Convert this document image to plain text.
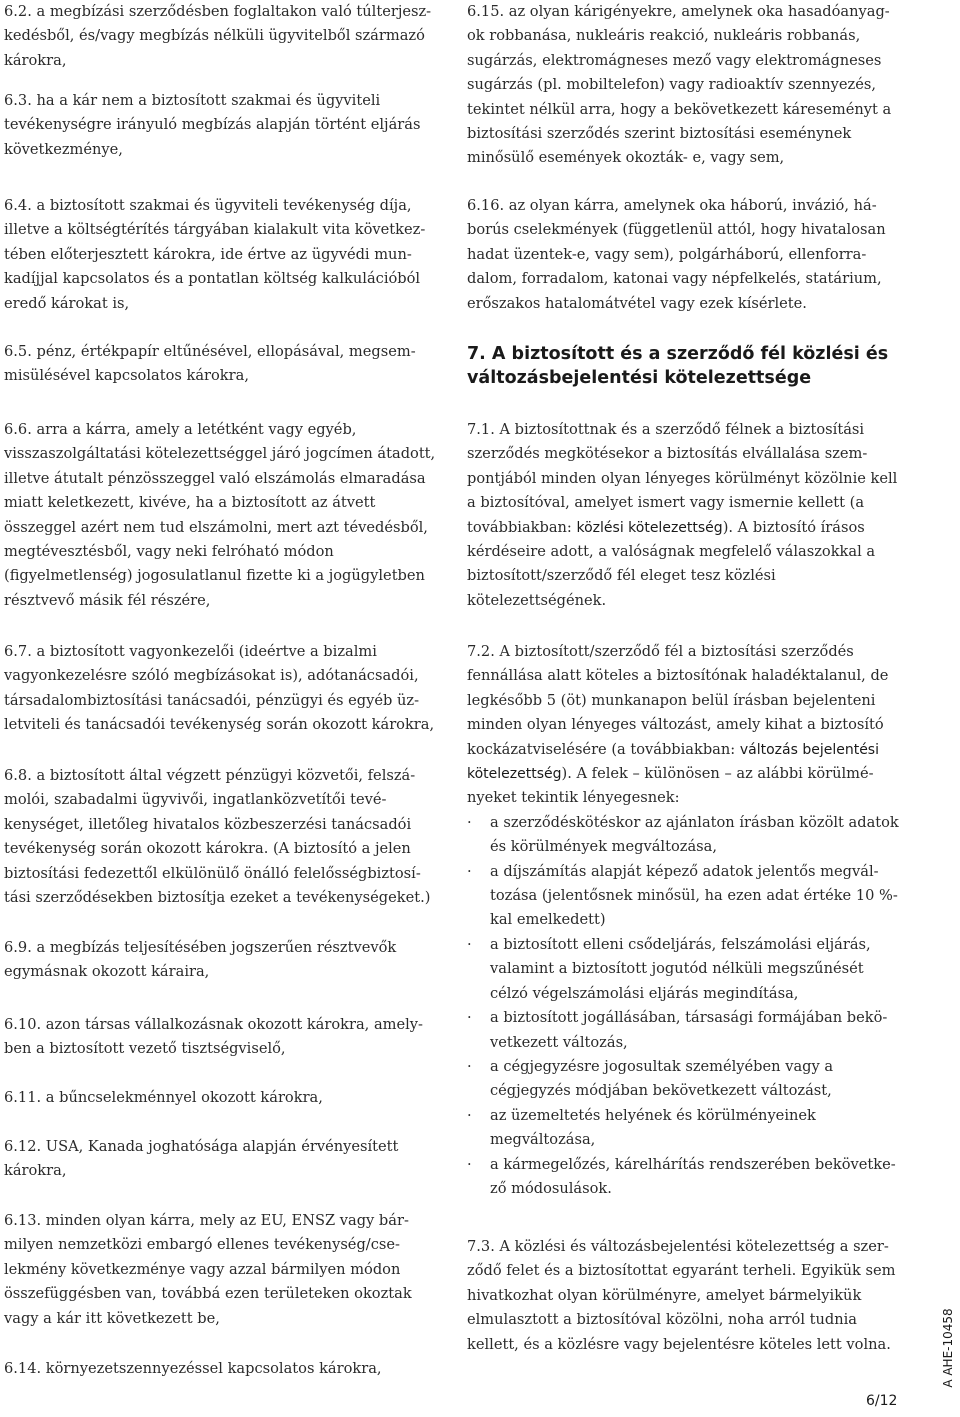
6.2. a megbízási szerződésben foglaltakon való túlterjeszkedésből, és/vagy megbízás nélküli ügyvitelből származó károkra,

6.3. ha a kár nem a biztosított szakmai és ügyviteli tevékenységre irányuló megbízás alapján történt eljárás következménye,

6.4. a biztosított szakmai és ügyviteli tevékenység díja, illetve a költségtérítés tárgyában kialakult vita következtében előterjesztett károkra, ide értve az ügyvédi munkadíjjal kapcsolatos és a pontatlan költség kalkulációból eredő károkat is,

6.5. pénz, értékpapír eltűnésével, ellopásával, megsemmisülésével kapcsolatos károkra,

6.6. arra a kárra, amely a letétként vagy egyéb, visszaszolgáltatási kötelezettséggel járó jogcímen átadott, illetve átutalt pénzösszeggel való elszámolás elmaradása miatt keletkezett, kivéve, ha a biztosított az átvett összeggel azért nem tud elszámolni, mert azt tévedésből, megtévesztésből, vagy neki felróható módon (figyelmetlenség) jogosulatlanul fizette ki a jogügyletben résztvevő másik fél részére,

6.7. a biztosított vagyonkezelői (ideértve a bizalmi vagyonkezelésre szóló megbízásokat is), adótanácsadói, társadalombiztosítási tanácsadói, pénzügyi és egyéb üzletviteli és tanácsadói tevékenység során okozott károkra,

6.8. a biztosított által végzett pénzügyi közvetői, felszámolói, szabadalmi ügyvivői, ingatlanközvetítői tevékenységet, illetőleg hivatalos közbeszerzési tanácsadói tevékenység során okozott károkra. (A biztosító a jelen biztosítási fedezettől elkülönülő önálló felelősségbiztosítási szerződésekben biztosítja ezeket a tevékenységeket.)

6.9. a megbízás teljesítésében jogszerűen résztvevők egymásnak okozott káraira,

6.10. azon társas vállalkozásnak okozott károkra, amelyben a biztosított vezető tisztségviselő,

6.11. a bűncselekménnyel okozott károkra,

6.12. USA, Kanada joghatósága alapján érvényesített károkra,

6.13. minden olyan kárra, mely az EU, ENSZ vagy bármilyen nemzetközi embargó ellenes tevékenység/cselekmény következménye vagy azzal bármilyen módon összefüggésben van, továbbá ezen területeken okoztak vagy a kár itt következett be,

6.14. környezetszennyezéssel kapcsolatos károkra,

6.15. az olyan kárigényekre, amelynek oka hasadóanyagok robbanása, nukleáris reakció, nukleáris robbanás, sugárzás, elektromágneses mező vagy elektromágneses sugárzás (pl. mobiltelefon) vagy radioaktív szennyezés, tekintet nélkül arra, hogy a bekövetkezett káreseményt a biztosítási szerződés szerint biztosítási eseménynek minősülő események okozták- e, vagy sem,

6.16. az olyan kárra, amelynek oka háború, invázió, háborús cselekmények (függetlenül attól, hogy hivatalosan hadat üzentek-e, vagy sem), polgárháború, ellenforradalom, forradalom, katonai vagy népfelkelés, statárium, erőszakos hatalomátvétel vagy ezek kísérlete.

7. A biztosított és a szerződő fél közlési és változásbejelentési kötelezettsége

7.1. A biztosítottnak és a szerződő félnek a biztosítási szerződés megkötésekor a biztosítás elvállalása szempontjából minden olyan lényeges körülményt közölnie kell a biztosítóval, amelyet ismert vagy ismernie kellett (a továbbiakban: közlési kötelezettség). A biztosító írásos kérdéseire adott, a valóságnak megfelelő válaszokkal a biztosított/szerződő fél eleget tesz közlési kötelezettségének.

7.2. A biztosított/szerződő fél a biztosítási szerződés fennállása alatt köteles a biztosítónak haladéktalanul, de legkésőbb 5 (öt) munkanapon belül írásban bejelenteni minden olyan lényeges változást, amely kihat a biztosító kockázatviselésére (a továbbiakban: változás bejelentési kötelezettség). A felek – különösen – az alábbi körülményeket tekintik lényegesnek:

· a szerződéskötéskor az ajánlaton írásban közölt adatok és körülmények megváltozása,
· a díjszámítás alapját képező adatok jelentős megváltozása (jelentősnek minősül, ha ezen adat értéke 10 %-kal emelkedett)
· a biztosított elleni csődeljárás, felszámolási eljárás, valamint a biztosított jogutód nélküli megszűnését célzó végelszámolási eljárás megindítása,
· a biztosított jogállásában, társasági formájában bekövetkezett változás,
· a cégjegyzésre jogosultak személyében vagy a cégjegyzés módjában bekövetkezett változást,
· az üzemeltetés helyének és körülményeinek megváltozása,
· a kármegelőzés, kárelhárítás rendszerében bekövetkező módosulások.

7.3. A közlési és változásbejelentési kötelezettség a szerződő felet és a biztosítottat egyaránt terheli. Egyikük sem hivatkozhat olyan körülményre, amelyet bármelyikük elmulasztott a biztosítóval közölni, noha arról tudnia kellett, és a közlésre vagy bejelentésre köteles lett volna.

6/12
A AHE-10458
